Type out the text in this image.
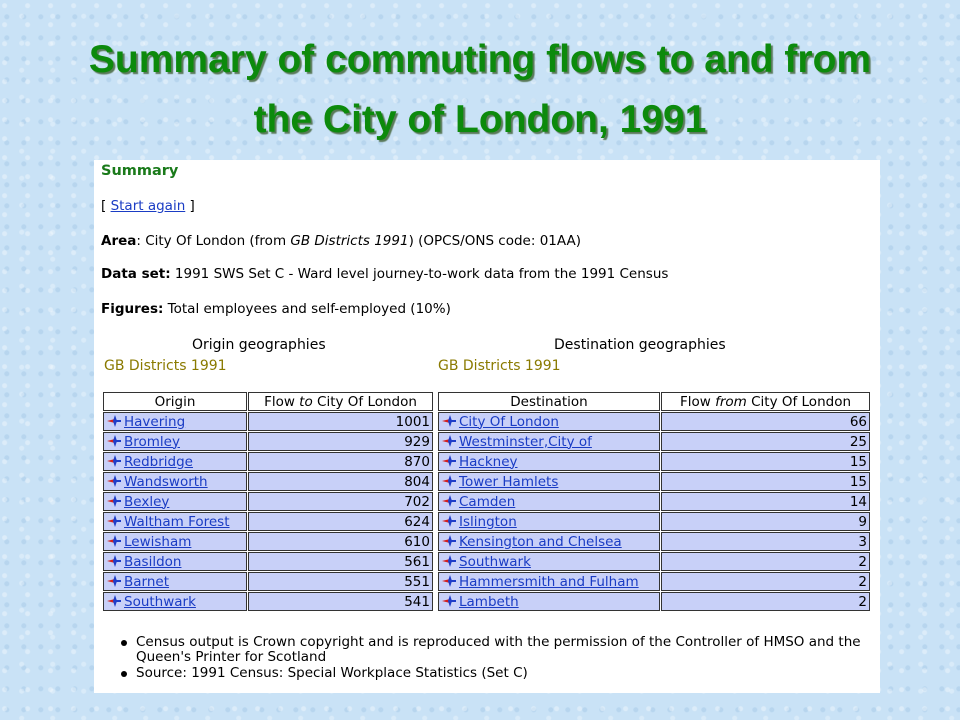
Summary of commuting flows to and from
the City of London, 1991
Summary
[ Start again ]
Area: City Of London (from GB Districts 1991) (OPCS/ONS code: 01AA)
Data set: 1991 SWS Set C - Ward level journey-to-work data from the 1991 Census
Figures: Total employees and self-employed (10%)
Origin geographies
GB Districts 1991
Destination geographies
GB Districts 1991
Origin	Flow to City Of London
Havering	1001
Bromley	929
Redbridge	870
Wandsworth	804
Bexley	702
Waltham Forest	624
Lewisham	610
Basildon	561
Barnet	551
Southwark	541
Destination	Flow from City Of London
City Of London	66
Westminster,City of	25
Hackney	15
Tower Hamlets	15
Camden	14
Islington	9
Kensington and Chelsea	3
Southwark	2
Hammersmith and Fulham	2
Lambeth	2
Census output is Crown copyright and is reproduced with the permission of the Controller of HMSO and the Queen's Printer for Scotland
Source: 1991 Census: Special Workplace Statistics (Set C)
